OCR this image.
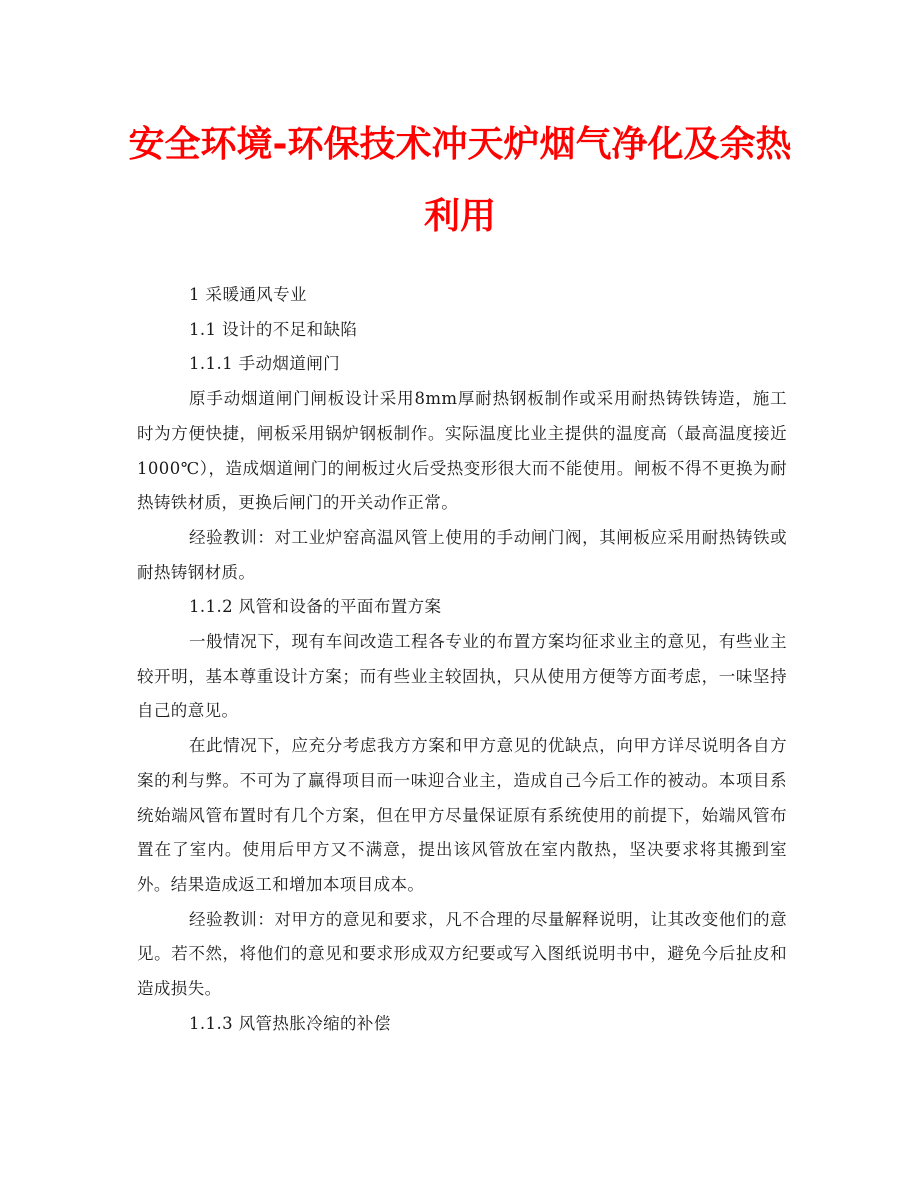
安全环境-环保技术冲天炉烟气净化及余热
利用

1 采暖通风专业

1.1 设计的不足和缺陷

1.1.1 手动烟道闸门

原手动烟道闸门闸板设计采用8mm厚耐热钢板制作或采用耐热铸铁铸造，施工时为方便快捷，闸板采用锅炉钢板制作。实际温度比业主提供的温度高（最高温度接近1000℃），造成烟道闸门的闸板过火后受热变形很大而不能使用。闸板不得不更换为耐热铸铁材质，更换后闸门的开关动作正常。

经验教训：对工业炉窑高温风管上使用的手动闸门阀，其闸板应采用耐热铸铁或耐热铸钢材质。

1.1.2 风管和设备的平面布置方案

一般情况下，现有车间改造工程各专业的布置方案均征求业主的意见，有些业主较开明，基本尊重设计方案；而有些业主较固执，只从使用方便等方面考虑，一味坚持自己的意见。

在此情况下，应充分考虑我方方案和甲方意见的优缺点，向甲方详尽说明各自方案的利与弊。不可为了赢得项目而一味迎合业主，造成自己今后工作的被动。本项目系统始端风管布置时有几个方案，但在甲方尽量保证原有系统使用的前提下，始端风管布置在了室内。使用后甲方又不满意，提出该风管放在室内散热，坚决要求将其搬到室外。结果造成返工和增加本项目成本。

经验教训：对甲方的意见和要求，凡不合理的尽量解释说明，让其改变他们的意见。若不然，将他们的意见和要求形成双方纪要或写入图纸说明书中，避免今后扯皮和造成损失。

1.1.3 风管热胀冷缩的补偿
